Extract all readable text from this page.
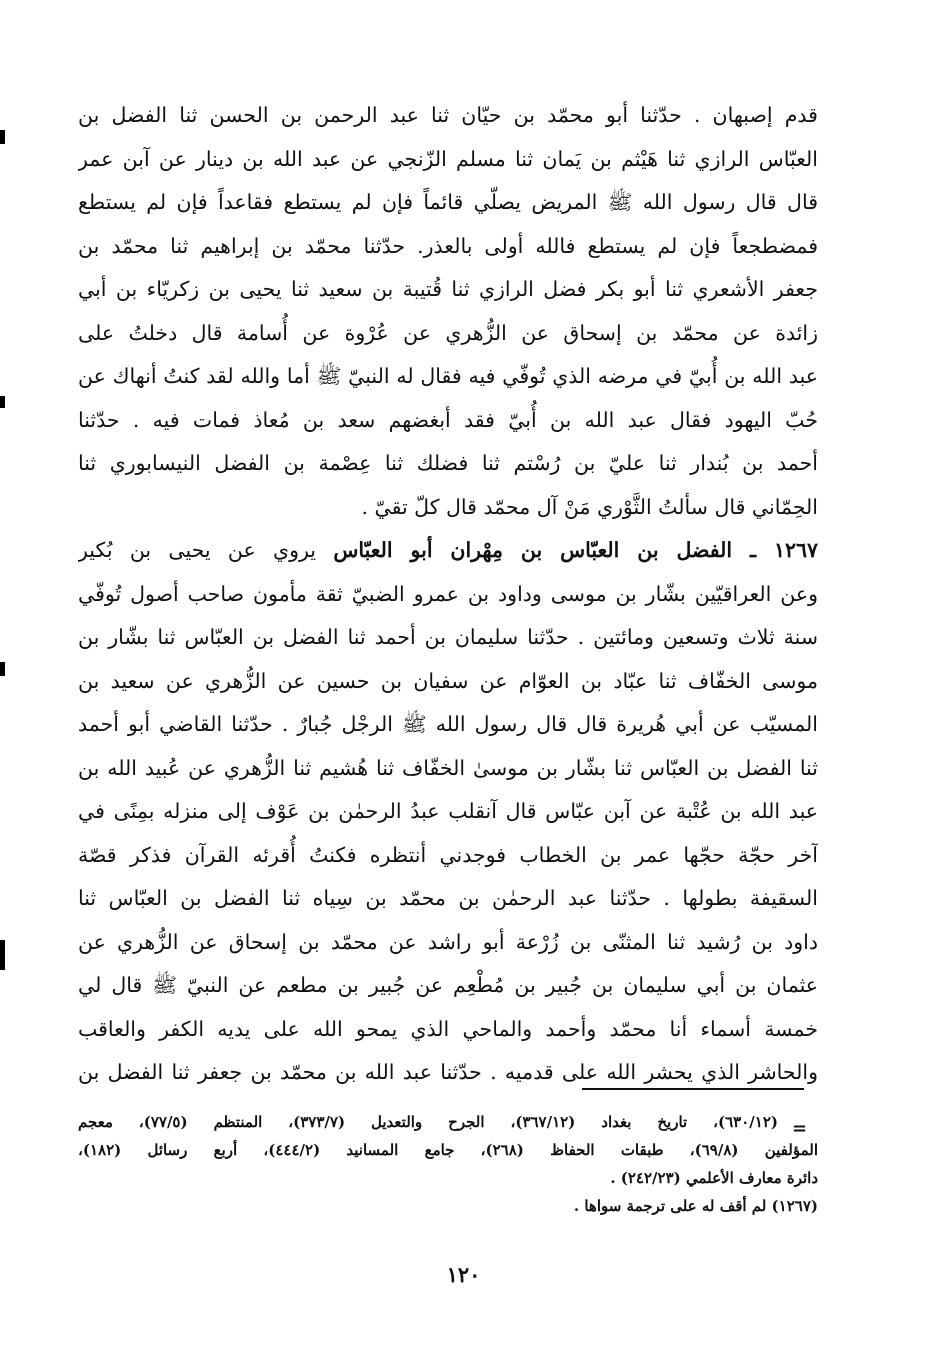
قدم إصبهان . حدّثنا أبو محمّد بن حيّان ثنا عبد الرحمن بن الحسن ثنا الفضل بن
العبّاس الرازي ثنا هَيْثم بن يَمان ثنا مسلم الزّنجي عن عبد الله بن دينار عن آبن عمر
قال قال رسول الله ﷺ المريض يصلّي قائماً فإن لم يستطع فقاعداً فإن لم يستطع
فمضطجعاً فإن لم يستطع فالله أولى بالعذر. حدّثنا محمّد بن إبراهيم ثنا محمّد بن
جعفر الأشعري ثنا أبو بكر فضل الرازي ثنا قُتيبة بن سعيد ثنا يحيى بن زكريّاء بن أبي
زائدة عن محمّد بن إسحاق عن الزُّهري عن عُرْوة عن أُسامة قال دخلتُ على
عبد الله بن أُبيّ في مرضه الذي تُوفّي فيه فقال له النبيّ ﷺ أما والله لقد كنتُ أنهاك عن
حُبّ اليهود فقال عبد الله بن أُبيّ فقد أبغضهم سعد بن مُعاذ فمات فيه . حدّثنا
أحمد بن بُندار ثنا عليّ بن رُسْتم ثنا فضلك ثنا عِصْمة بن الفضل النيسابوري ثنا
الحِمّاني قال سألتُ الثَّوْري مَنْ آل محمّد قال كلّ تقيّ .
١٢٦٧ ـ الفضل بن العبّاس بن مِهْران أبو العبّاس يروي عن يحيى بن بُكير
وعن العراقيّين بشّار بن موسى وداود بن عمرو الضبيّ ثقة مأمون صاحب أصول تُوفّي
سنة ثلاث وتسعين ومائتين . حدّثنا سليمان بن أحمد ثنا الفضل بن العبّاس ثنا بشّار بن
موسى الخفّاف ثنا عبّاد بن العوّام عن سفيان بن حسين عن الزُّهري عن سعيد بن
المسيّب عن أبي هُريرة قال قال رسول الله ﷺ الرجْل جُبارٌ . حدّثنا القاضي أبو أحمد
ثنا الفضل بن العبّاس ثنا بشّار بن موسىٰ الخفّاف ثنا هُشيم ثنا الزُّهري عن عُبيد الله بن
عبد الله بن عُتْبة عن آبن عبّاس قال آنقلب عبدُ الرحمٰن بن عَوْف إلى منزله بمِنًى في
آخر حجّة حجّها عمر بن الخطاب فوجدني أنتظره فكنتُ أُقرئه القرآن فذكر قصّة
السقيفة بطولها . حدّثنا عبد الرحمٰن بن محمّد بن سِياه ثنا الفضل بن العبّاس ثنا
داود بن رُشيد ثنا المثنّى بن زُرْعة أبو راشد عن محمّد بن إسحاق عن الزُّهري عن
عثمان بن أبي سليمان بن جُبير بن مُطْعِم عن جُبير بن مطعم عن النبيّ ﷺ قال لي
خمسة أسماء أنا محمّد وأحمد والماحي الذي يمحو الله على يديه الكفر والعاقب
والحاشر الذي يحشر الله على قدميه . حدّثنا عبد الله بن محمّد بن جعفر ثنا الفضل بن
=
(٦٣٠/١٢)، تاريخ بغداد (٣٦٧/١٢)، الجرح والتعديل (٣٧٣/٧)، المنتظم (٧٧/٥)، معجم
المؤلفين (٦٩/٨)، طبقات الحفاظ (٢٦٨)، جامع المسانيد (٤٤٤/٢)، أربع رسائل (١٨٢)،
دائرة معارف الأعلمي (٢٤٢/٢٣) .
(١٢٦٧) لم أقف له على ترجمة سواها .
١٢٠
